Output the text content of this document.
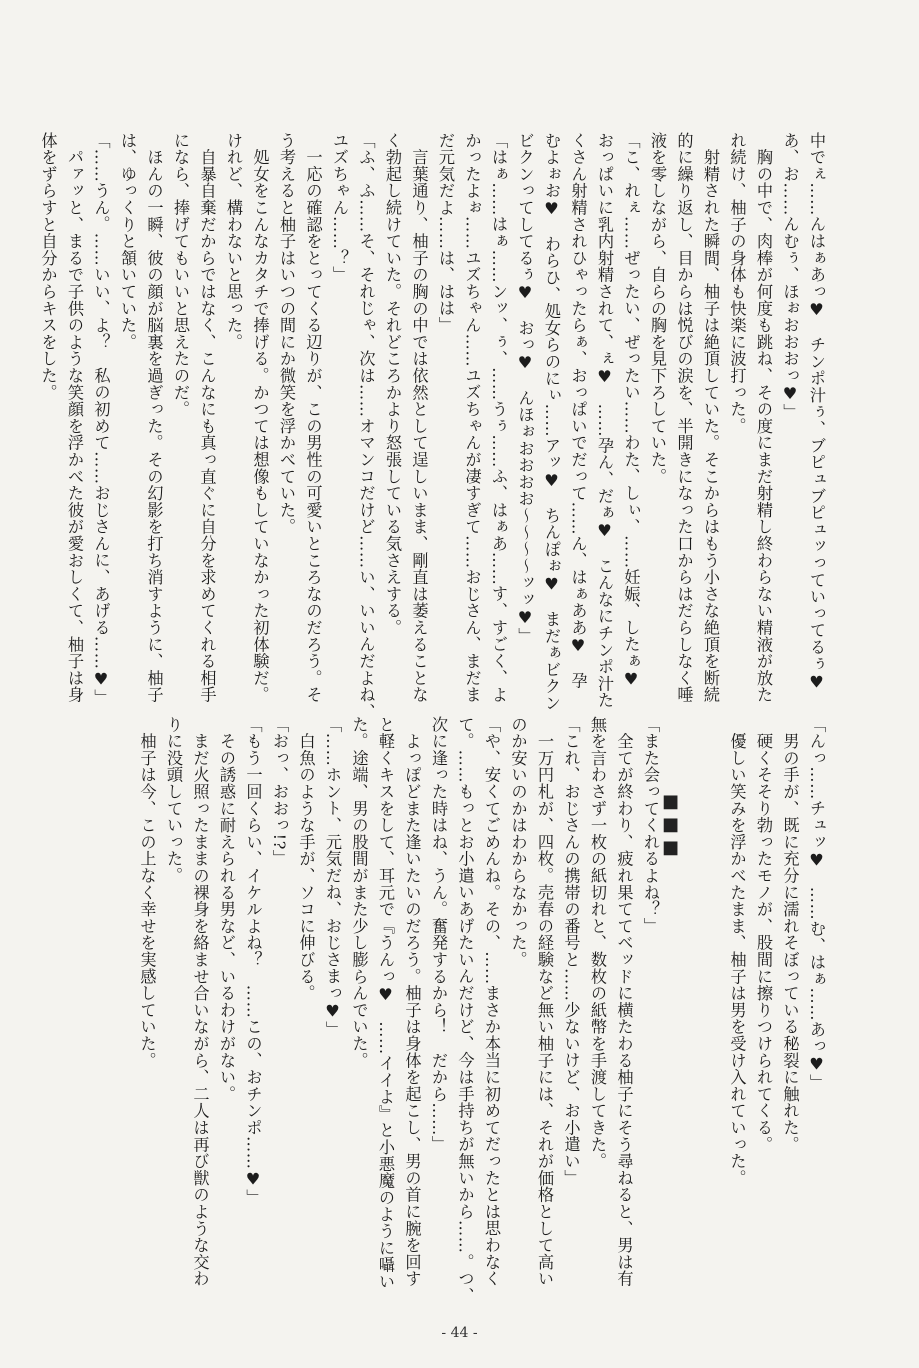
中でぇ……んはぁあっ♥　チンポ汁ぅ、ブピュブピュッっていってるぅ♥
あ、お……んむぅ、ほぉおおおっ♥」
　胸の中で、肉棒が何度も跳ね、その度にまだ射精し終わらない精液が放た
れ続け、柚子の身体も快楽に波打った。
　射精された瞬間、柚子は絶頂していた。そこからはもう小さな絶頂を断続
的に繰り返し、目からは悦びの涙を、半開きになった口からはだらしなく唾
液を零しながら、自らの胸を見下ろしていた。
「こ、れぇ……ぜったい、ぜったい……わた、しぃ、……妊娠、したぁ♥
おっぱいに乳内射精されて、ぇ♥　……孕ん、だぁ♥　こんなにチンポ汁た
くさん射精されひゃったらぁ、おっぱいでだって……ん、はぁああ♥　孕
むよぉお♥　わらひ、処女らのにぃ……アッ♥　ちんぽぉ♥　まだぁビクン
ビクンってしてるぅ♥　おっ♥　んほぉおおおお〜〜〜〜ッッ♥」
「はぁ……はぁ……ンッ、ぅ、……うぅ……ふ、はぁあ……す、すごく、よ
かったよぉ……ユズちゃん……ユズちゃんが凄すぎて……おじさん、まだま
だ元気だよ……は、はは」
　言葉通り、柚子の胸の中では依然として逞しいまま、剛直は萎えることな
く勃起し続けていた。それどころかより怒張している気さえする。
「ふ、ふ……そ、それじゃ、次は……オマンコだけど……い、いいんだよね、
ユズちゃん……？」
　一応の確認をとってくる辺りが、この男性の可愛いところなのだろう。そ
う考えると柚子はいつの間にか微笑を浮かべていた。
　処女をこんなカタチで捧げる。かつては想像もしていなかった初体験だ。
けれど、構わないと思った。
　自暴自棄だからではなく、こんなにも真っ直ぐに自分を求めてくれる相手
になら、捧げてもいいと思えたのだ。
　ほんの一瞬、彼の顔が脳裏を過ぎった。その幻影を打ち消すように、柚子
は、ゆっくりと頷いていた。
「……うん。……いい、よ？　私の初めて……おじさんに、あげる……♥」
　パァッと、まるで子供のような笑顔を浮かべた彼が愛おしくて、柚子は身
体をずらすと自分からキスをした。
「んっ……チュッ♥　……む、はぁ……あっ♥」
　男の手が、既に充分に濡れそぼっている秘裂に触れた。
　硬くそそり勃ったモノが、股間に擦りつけられてくる。
　優しい笑みを浮かべたまま、柚子は男を受け入れていった。
■■■
「また会ってくれるよね？」
　全てが終わり、疲れ果ててベッドに横たわる柚子にそう尋ねると、男は有
無を言わさず一枚の紙切れと、数枚の紙幣を手渡してきた。
「これ、おじさんの携帯の番号と……少ないけど、お小遣い」
　一万円札が、四枚。売春の経験など無い柚子には、それが価格として高い
のか安いのかはわからなかった。
「や、安くてごめんね。その、……まさか本当に初めてだったとは思わなく
て。……もっとお小遣いあげたいんだけど、今は手持ちが無いから……。つ、
次に逢った時はね、うん。奮発するから！　だから……」
　よっぽどまた逢いたいのだろう。柚子は身体を起こし、男の首に腕を回す
と軽くキスをして、耳元で『うんっ♥　……イイよ』と小悪魔のように囁い
た。途端、男の股間がまた少し膨らんでいた。
「……ホント、元気だね、おじさまっ♥」
　白魚のような手が、ソコに伸びる。
「おっ、おおっ!?」
「もう一回くらい、イケルよね？　……この、おチンポ……♥」
　その誘惑に耐えられる男など、いるわけがない。
　まだ火照ったままの裸身を絡ませ合いながら、二人は再び獣のような交わ
りに没頭していった。
　柚子は今、この上なく幸せを実感していた。
- 44 -
